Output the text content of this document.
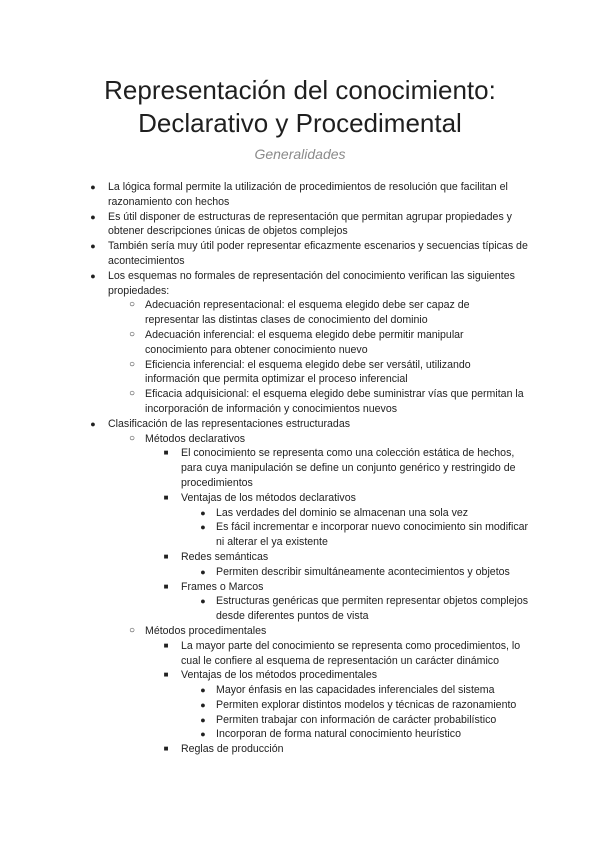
Representación del conocimiento:
Declarativo y Procedimental
Generalidades
● La lógica formal permite la utilización de procedimientos de resolución que facilitan el razonamiento con hechos
● Es útil disponer de estructuras de representación que permitan agrupar propiedades y obtener descripciones únicas de objetos complejos
● También sería muy útil poder representar eficazmente escenarios y secuencias típicas de acontecimientos
● Los esquemas no formales de representación del conocimiento verifican las siguientes propiedades:
○ Adecuación representacional: el esquema elegido debe ser capaz de representar las distintas clases de conocimiento del dominio
○ Adecuación inferencial: el esquema elegido debe permitir manipular conocimiento para obtener conocimiento nuevo
○ Eficiencia inferencial: el esquema elegido debe ser versátil, utilizando información que permita optimizar el proceso inferencial
○ Eficacia adquisicional: el esquema elegido debe suministrar vías que permitan la incorporación de información y conocimientos nuevos
● Clasificación de las representaciones estructuradas
○ Métodos declarativos
■ El conocimiento se representa como una colección estática de hechos, para cuya manipulación se define un conjunto genérico y restringido de procedimientos
■ Ventajas de los métodos declarativos
● Las verdades del dominio se almacenan una sola vez
● Es fácil incrementar e incorporar nuevo conocimiento sin modificar ni alterar el ya existente
■ Redes semánticas
● Permiten describir simultáneamente acontecimientos y objetos
■ Frames o Marcos
● Estructuras genéricas que permiten representar objetos complejos desde diferentes puntos de vista
○ Métodos procedimentales
■ La mayor parte del conocimiento se representa como procedimientos, lo cual le confiere al esquema de representación un carácter dinámico
■ Ventajas de los métodos procedimentales
● Mayor énfasis en las capacidades inferenciales del sistema
● Permiten explorar distintos modelos y técnicas de razonamiento
● Permiten trabajar con información de carácter probabilístico
● Incorporan de forma natural conocimiento heurístico
■ Reglas de producción
